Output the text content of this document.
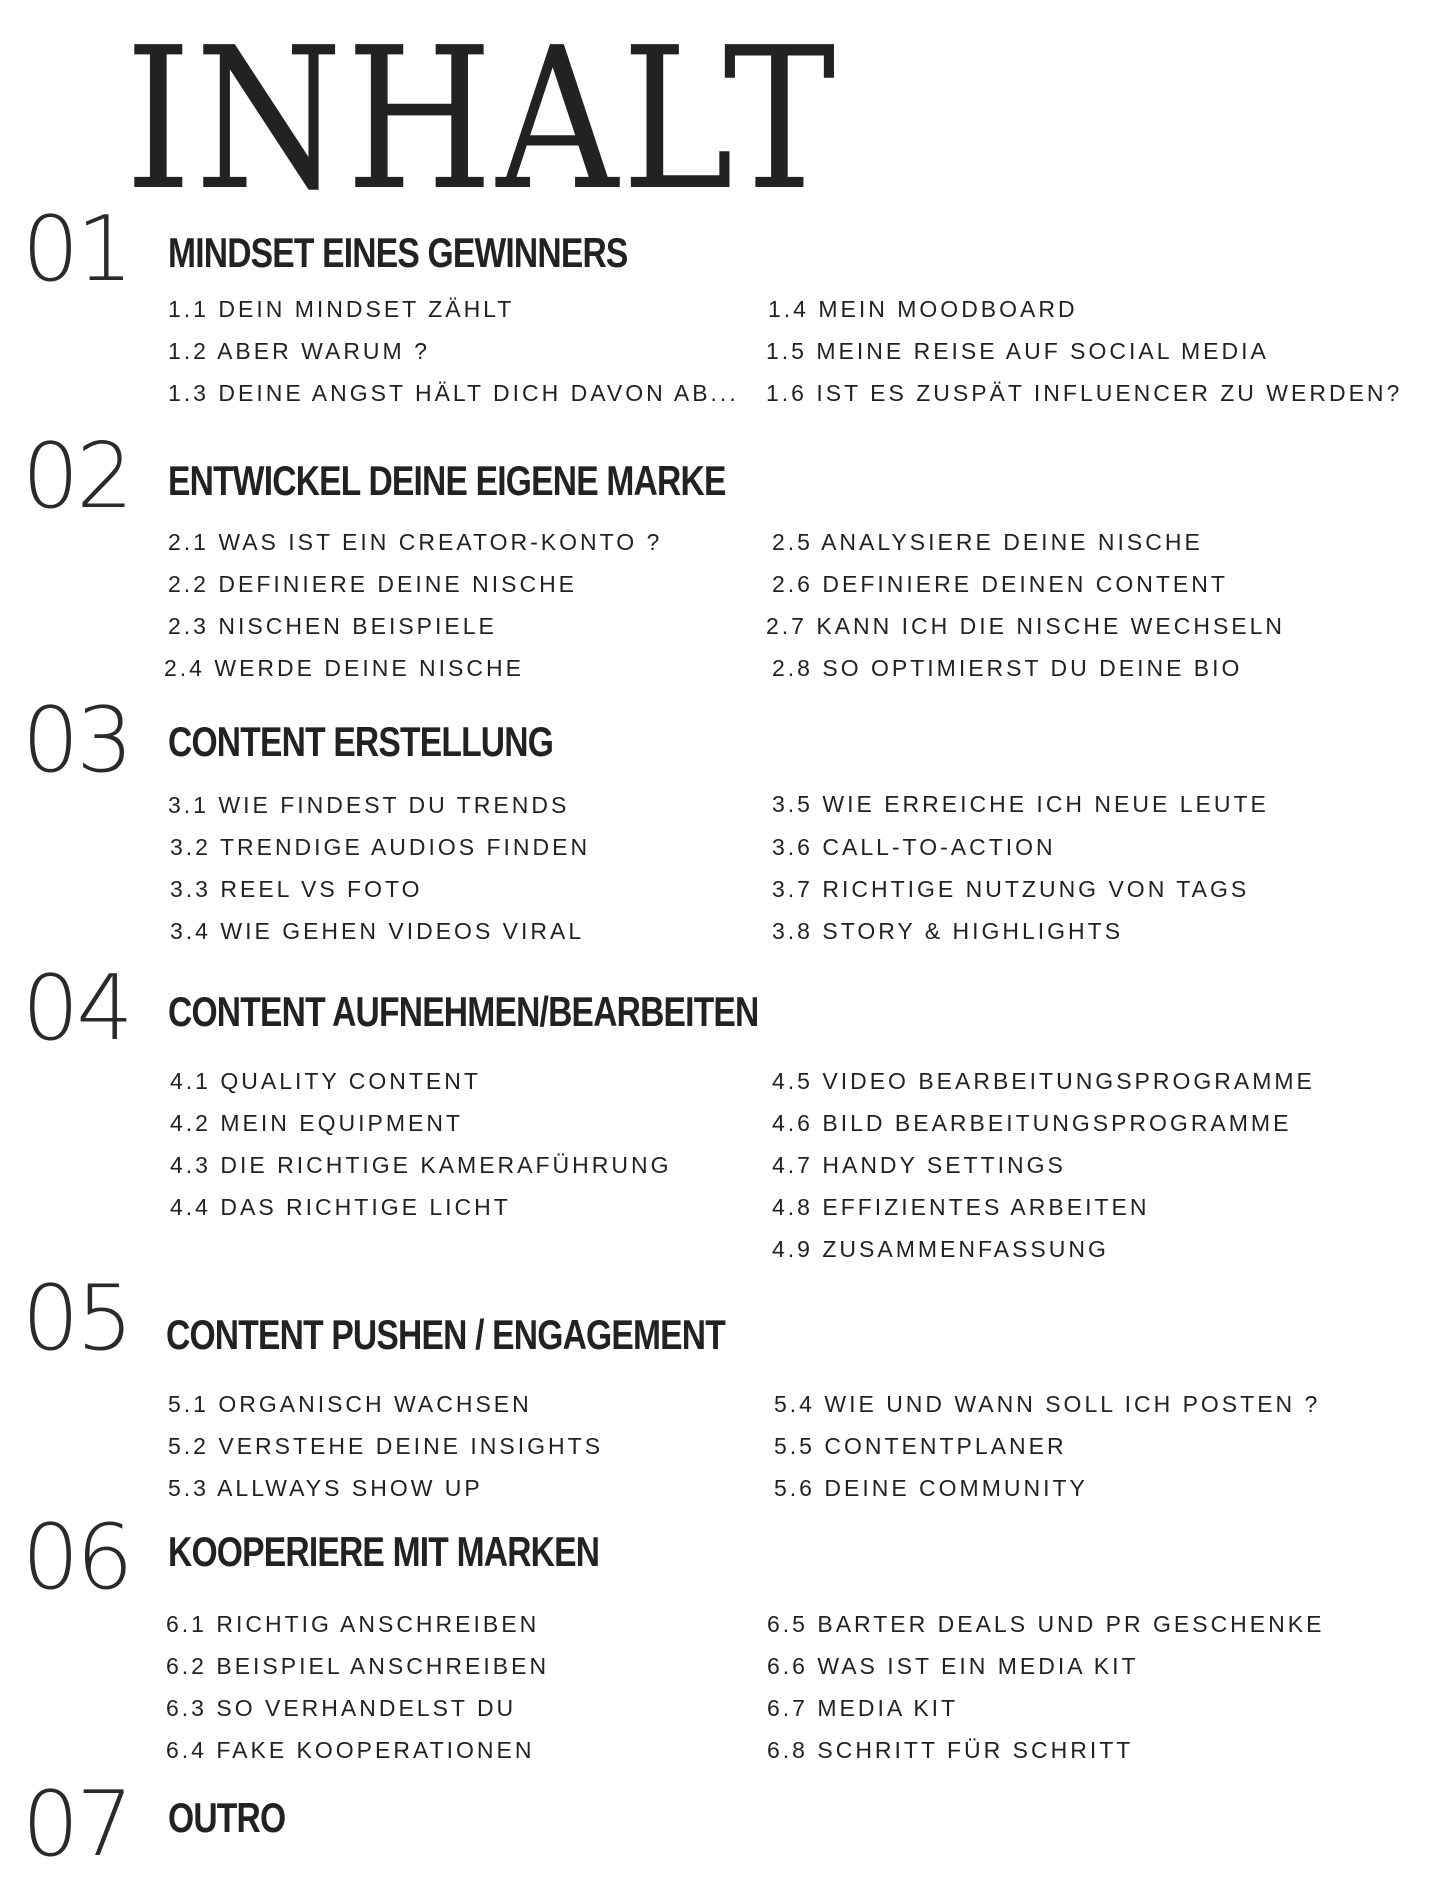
INHALT
01 MINDSET EINES GEWINNERS
1.1 DEIN MINDSET ZÄHLT
1.2 ABER WARUM ?
1.3 DEINE ANGST HÄLT DICH DAVON AB...
1.4 MEIN MOODBOARD
1.5 MEINE REISE AUF SOCIAL MEDIA
1.6 IST ES ZUSPÄT INFLUENCER ZU WERDEN?
02 ENTWICKEL DEINE EIGENE MARKE
2.1 WAS IST EIN CREATOR-KONTO ?
2.2 DEFINIERE DEINE NISCHE
2.3 NISCHEN BEISPIELE
2.4 WERDE DEINE NISCHE
2.5 ANALYSIERE DEINE NISCHE
2.6 DEFINIERE DEINEN CONTENT
2.7 KANN ICH DIE NISCHE WECHSELN
2.8 SO OPTIMIERST DU DEINE BIO
03 CONTENT ERSTELLUNG
3.1 WIE FINDEST DU TRENDS
3.2 TRENDIGE AUDIOS FINDEN
3.3 REEL VS FOTO
3.4 WIE GEHEN VIDEOS VIRAL
3.5 WIE ERREICHE ICH NEUE LEUTE
3.6 CALL-TO-ACTION
3.7 RICHTIGE NUTZUNG VON TAGS
3.8 STORY & HIGHLIGHTS
04 CONTENT AUFNEHMEN/BEARBEITEN
4.1 QUALITY CONTENT
4.2 MEIN EQUIPMENT
4.3 DIE RICHTIGE KAMERAFÜHRUNG
4.4 DAS RICHTIGE LICHT
4.5 VIDEO BEARBEITUNGSPROGRAMME
4.6 BILD BEARBEITUNGSPROGRAMME
4.7 HANDY SETTINGS
4.8 EFFIZIENTES ARBEITEN
4.9 ZUSAMMENFASSUNG
05 CONTENT PUSHEN / ENGAGEMENT
5.1 ORGANISCH WACHSEN
5.2 VERSTEHE DEINE INSIGHTS
5.3 ALLWAYS SHOW UP
5.4 WIE UND WANN SOLL ICH POSTEN ?
5.5 CONTENTPLANER
5.6 DEINE COMMUNITY
06 KOOPERIERE MIT MARKEN
6.1 RICHTIG ANSCHREIBEN
6.2 BEISPIEL ANSCHREIBEN
6.3 SO VERHANDELST DU
6.4 FAKE KOOPERATIONEN
6.5 BARTER DEALS UND PR GESCHENKE
6.6 WAS IST EIN MEDIA KIT
6.7 MEDIA KIT
6.8 SCHRITT FÜR SCHRITT
07 OUTRO
